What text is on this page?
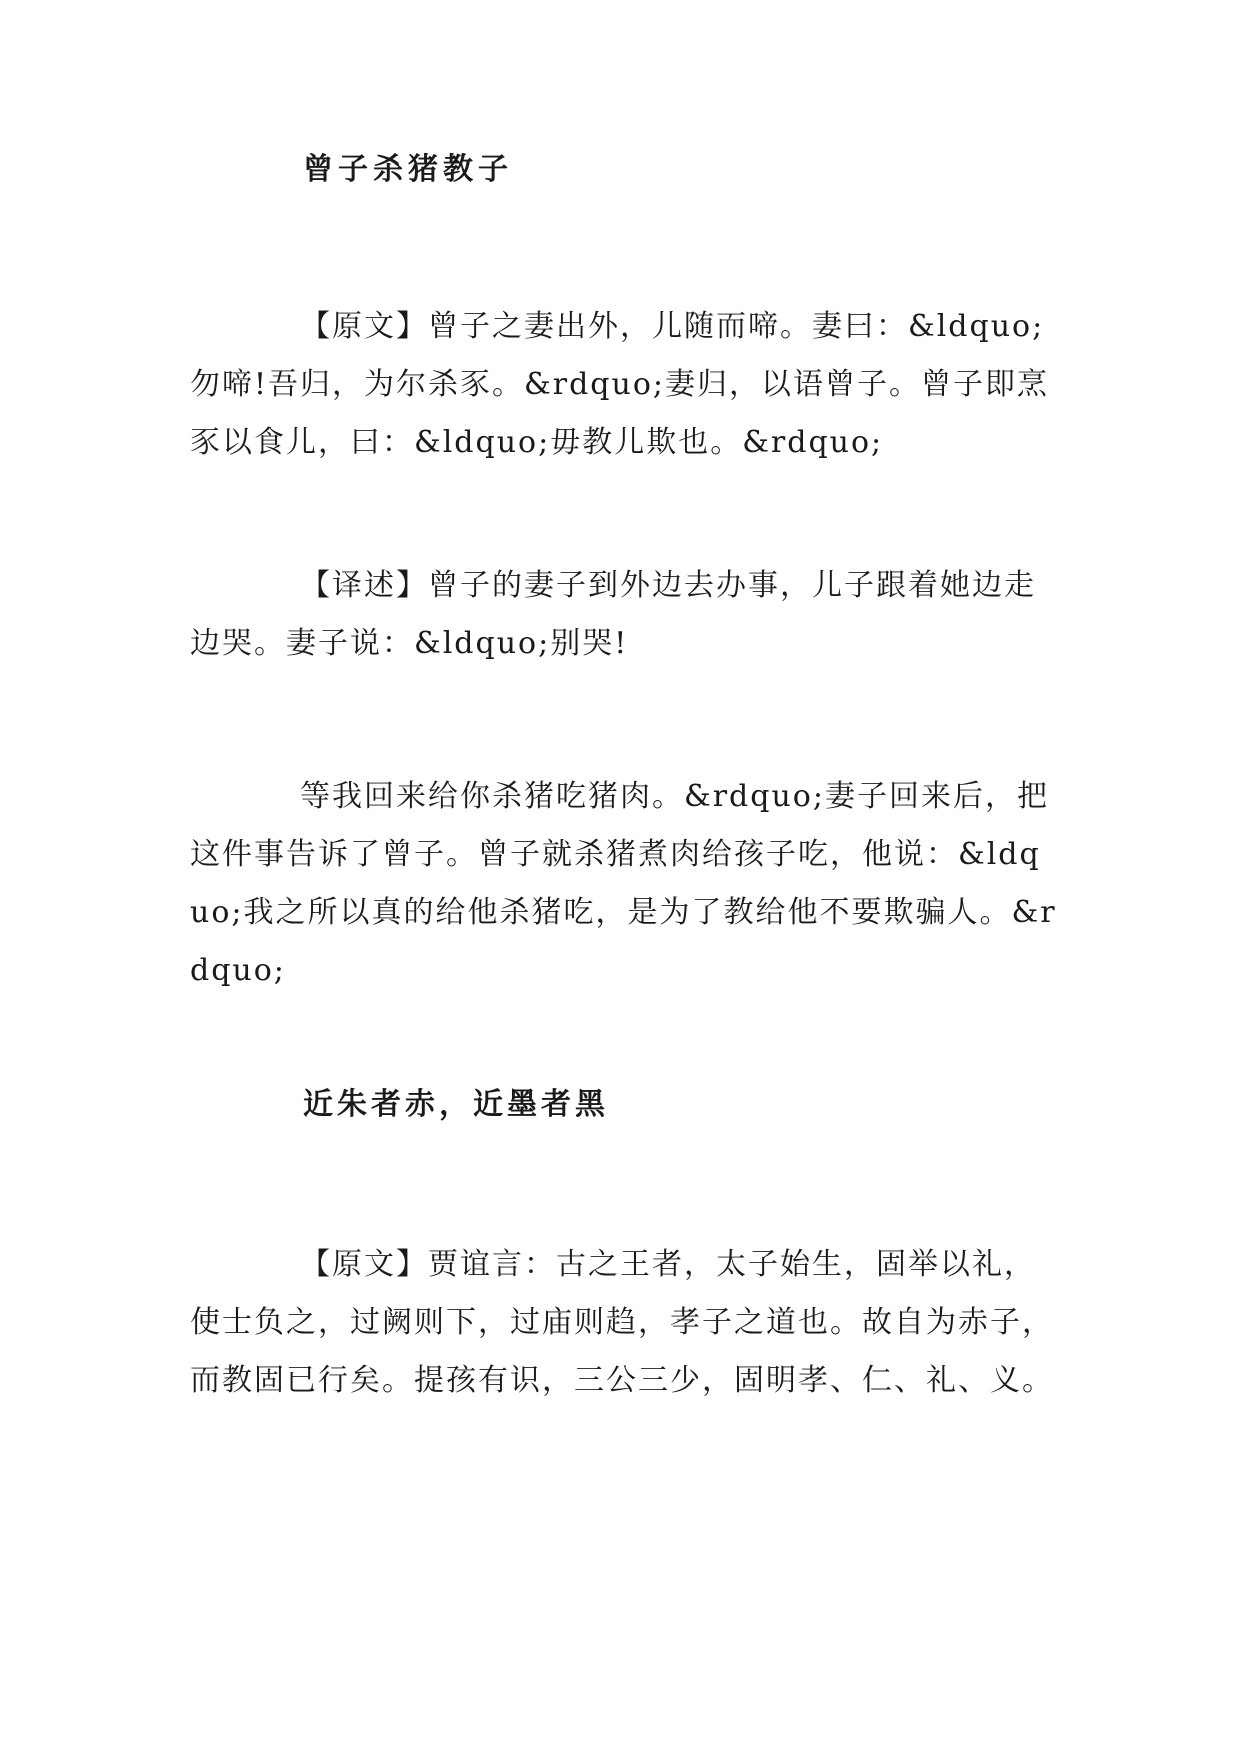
曾子杀猪教子

【原文】曾子之妻出外，儿随而啼。妻曰：&ldquo;勿啼!吾归，为尔杀豕。&rdquo;妻归，以语曾子。曾子即烹豕以食儿，曰：&ldquo;毋教儿欺也。&rdquo;

【译述】曾子的妻子到外边去办事，儿子跟着她边走边哭。妻子说：&ldquo;别哭!

等我回来给你杀猪吃猪肉。&rdquo;妻子回来后，把这件事告诉了曾子。曾子就杀猪煮肉给孩子吃，他说：&ldquo;我之所以真的给他杀猪吃，是为了教给他不要欺骗人。&rdquo;

近朱者赤，近墨者黑

【原文】贾谊言：古之王者，太子始生，固举以礼，使士负之，过阙则下，过庙则趋，孝子之道也。故自为赤子，而教固已行矣。提孩有识，三公三少，固明孝、仁、礼、义。
